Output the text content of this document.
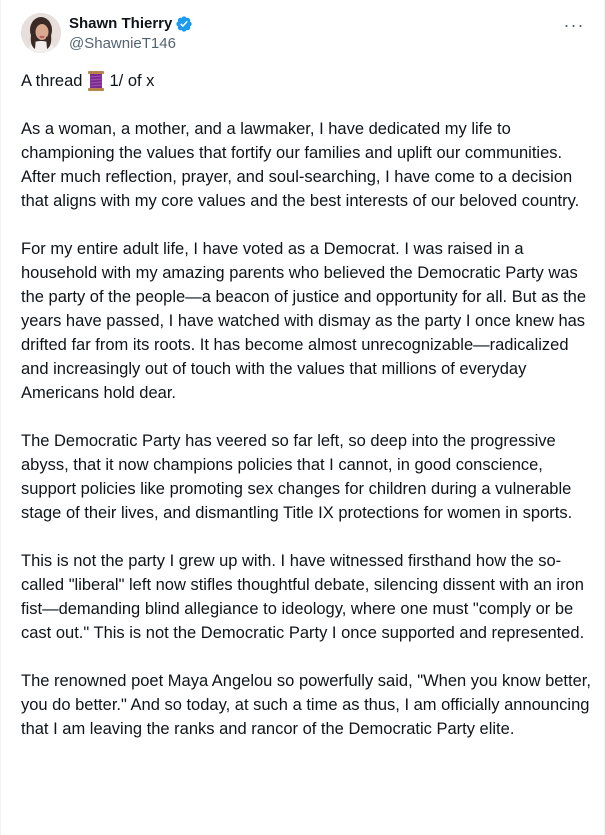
Shawn Thierry
@ShawnieT146
···
A thread 1/ of x

As a woman, a mother, and a lawmaker, I have dedicated my life to championing the values that fortify our families and uplift our communities. After much reflection, prayer, and soul-searching, I have come to a decision that aligns with my core values and the best interests of our beloved country.

For my entire adult life, I have voted as a Democrat. I was raised in a household with my amazing parents who believed the Democratic Party was the party of the people—a beacon of justice and opportunity for all. But as the years have passed, I have watched with dismay as the party I once knew has drifted far from its roots. It has become almost unrecognizable—radicalized and increasingly out of touch with the values that millions of everyday Americans hold dear.

The Democratic Party has veered so far left, so deep into the progressive abyss, that it now champions policies that I cannot, in good conscience, support policies like promoting sex changes for children during a vulnerable stage of their lives, and dismantling Title IX protections for women in sports.

This is not the party I grew up with. I have witnessed firsthand how the so-called "liberal" left now stifles thoughtful debate, silencing dissent with an iron fist—demanding blind allegiance to ideology, where one must "comply or be cast out." This is not the Democratic Party I once supported and represented.

The renowned poet Maya Angelou so powerfully said, "When you know better, you do better." And so today, at such a time as thus, I am officially announcing that I am leaving the ranks and rancor of the Democratic Party elite.
